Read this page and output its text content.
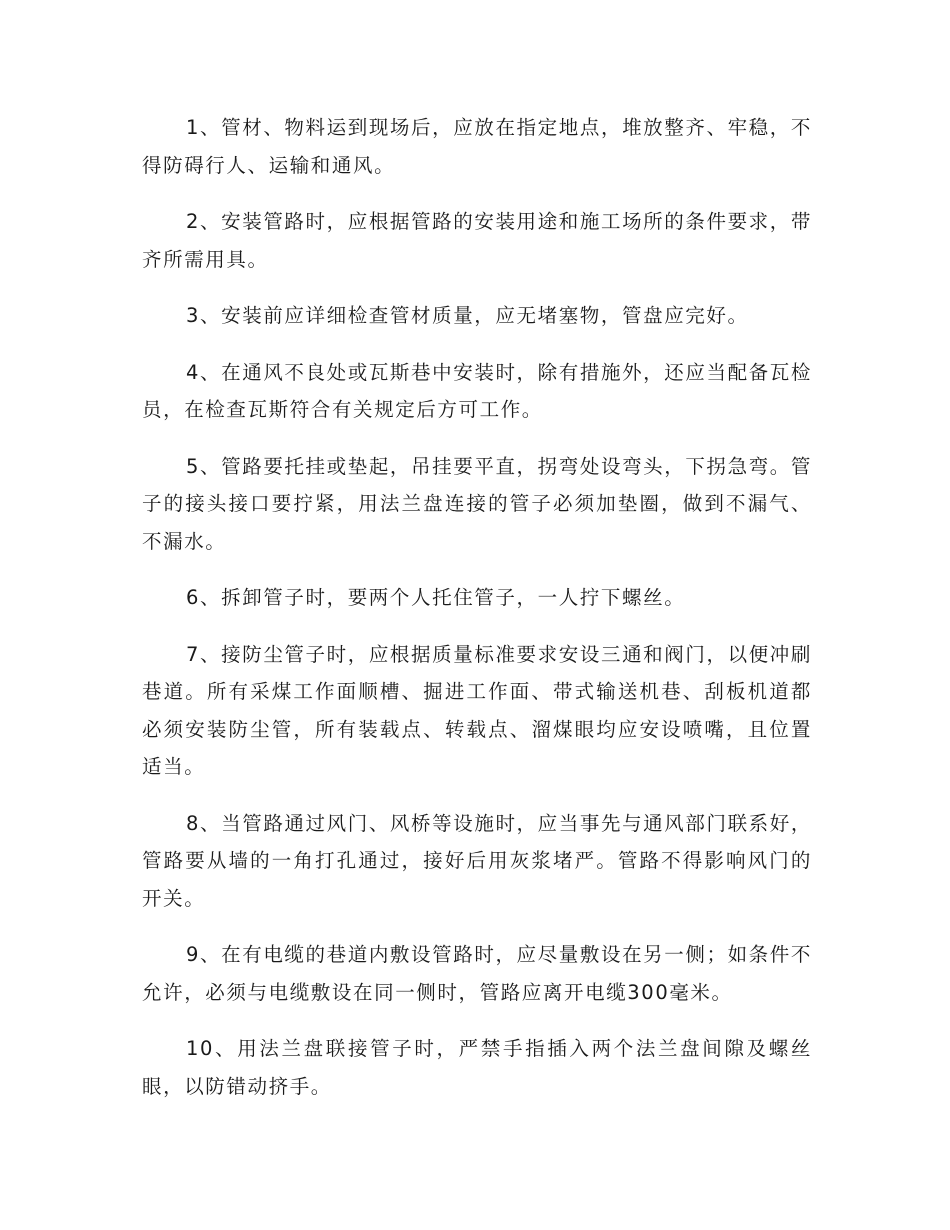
1、管材、物料运到现场后，应放在指定地点，堆放整齐、牢稳，不得防碍行人、运输和通风。

2、安装管路时，应根据管路的安装用途和施工场所的条件要求，带齐所需用具。

3、安装前应详细检查管材质量，应无堵塞物，管盘应完好。

4、在通风不良处或瓦斯巷中安装时，除有措施外，还应当配备瓦检员，在检查瓦斯符合有关规定后方可工作。

5、管路要托挂或垫起，吊挂要平直，拐弯处设弯头，下拐急弯。管子的接头接口要拧紧，用法兰盘连接的管子必须加垫圈，做到不漏气、不漏水。

6、拆卸管子时，要两个人托住管子，一人拧下螺丝。

7、接防尘管子时，应根据质量标准要求安设三通和阀门，以便冲刷巷道。所有采煤工作面顺槽、掘进工作面、带式输送机巷、刮板机道都必须安装防尘管，所有装载点、转载点、溜煤眼均应安设喷嘴，且位置适当。

8、当管路通过风门、风桥等设施时，应当事先与通风部门联系好，管路要从墙的一角打孔通过，接好后用灰浆堵严。管路不得影响风门的开关。

9、在有电缆的巷道内敷设管路时，应尽量敷设在另一侧；如条件不允许，必须与电缆敷设在同一侧时，管路应离开电缆300毫米。

10、用法兰盘联接管子时，严禁手指插入两个法兰盘间隙及螺丝眼，以防错动挤手。
